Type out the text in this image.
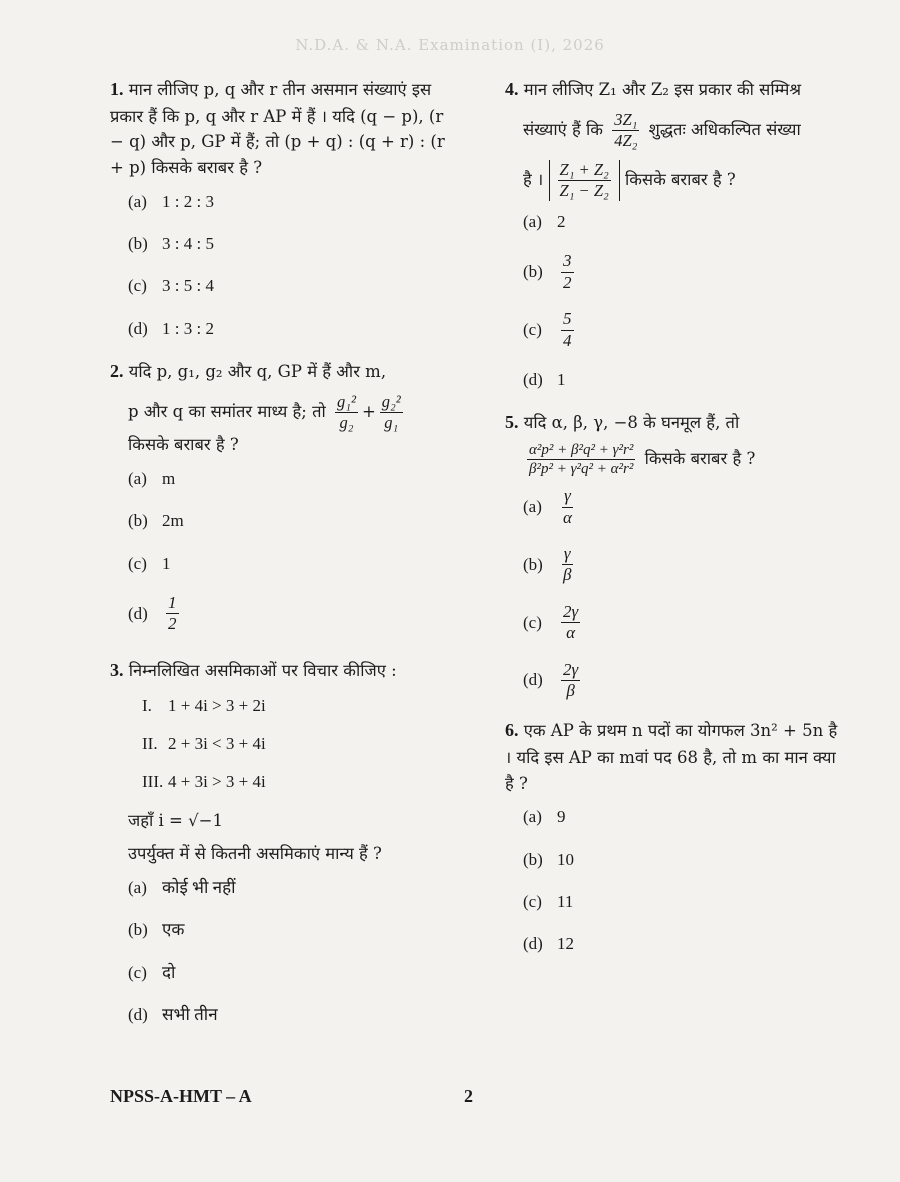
N.D.A. & N.A. Examination (I), 2026
1. मान लीजिए p, q और r तीन असमान संख्याएं इस प्रकार हैं कि p, q और r AP में हैं । यदि (q − p), (r − q) और p, GP में हैं; तो (p + q) : (q + r) : (r + p) किसके बराबर है ?
(a) 1 : 2 : 3
(b) 3 : 4 : 5
(c) 3 : 5 : 4
(d) 1 : 3 : 2
2. यदि p, g₁, g₂ और q, GP में हैं और m,
p और q का समांतर माध्य है; तो $\frac{\text{g₁²}}{\text{g₂}} + \frac{\text{g₂²}}{\text{g₁}}$
किसके बराबर है ?
(a) m
(b) 2m
(c) 1
(d)	$\frac{1}{2}$
3. निम्नलिखित असमिकाओं पर विचार कीजिए :
I. 1 + 4i > 3 + 2i
II. 2 + 3i < 3 + 4i
III. 4 + 3i > 3 + 4i
जहाँ i = √−1
उपर्युक्त में से कितनी असमिकाएं मान्य हैं ?
(a) कोई भी नहीं
(b) एक
(c) दो
(d) सभी तीन
4. मान लीजिए Z₁ और Z₂ इस प्रकार की सम्मिश्र
संख्याएं हैं कि $\frac{\text{3Z₁}}{\text{4Z₂}}$ शुद्धतः अधिकल्पित संख्या
है । $\frac{\text{Z₁ + Z₂}}{\text{Z₁ − Z₂}}$ किसके बराबर है ?
(a) 2
(b)	$\frac{3}{2}$
(c)	$\frac{5}{4}$
(d) 1
5. यदि α, β, γ, −8 के घनमूल हैं, तो
$\frac{\text{α²p² + β²q² + γ²r²}}{\text{β²p² + γ²q² + α²r²}}$ किसके बराबर है ?
(a)	$\frac{\gamma}{\alpha}$
(b)	$\frac{\gamma}{\beta}$
(c)	$\frac{2\gamma}{\alpha}$
(d)	$\frac{2\gamma}{\beta}$
6. एक AP के प्रथम n पदों का योगफल 3n² + 5n है । यदि इस AP का mवां पद 68 है, तो m का मान क्या है ?
(a) 9
(b) 10
(c) 11
(d) 12
NPSS-A-HMT – A	2
